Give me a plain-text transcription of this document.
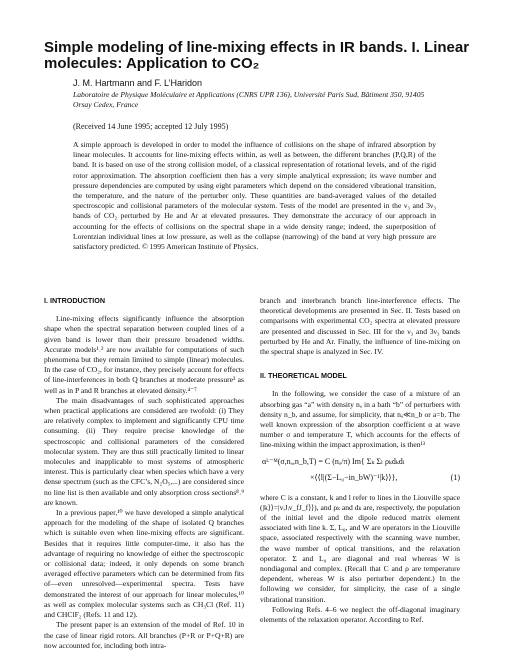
Simple modeling of line-mixing effects in IR bands. I. Linear molecules: Application to CO₂
J. M. Hartmann and F. L’Haridon
Laboratoire de Physique Moléculaire et Applications (CNRS UPR 136), Université Paris Sud, Bâtiment 350, 91405 Orsay Cedex, France
(Received 14 June 1995; accepted 12 July 1995)

A simple approach is developed in order to model the influence of collisions on the shape of infrared absorption by linear molecules. It accounts for line-mixing effects within, as well as between, the different branches (P,Q,R) of the band. It is based on use of the strong collision model, of a classical representation of rotational levels, and of the rigid rotor approximation. The absorption coefficient then has a very simple analytical expression; its wave number and pressure dependencies are computed by using eight parameters which depend on the considered vibrational transition, the temperature, and the nature of the perturber only. These quantities are band-averaged values of the detailed spectroscopic and collisional parameters of the molecular system. Tests of the model are presented in the ν₃ and 3ν₃ bands of CO₂ perturbed by He and Ar at elevated pressures. They demonstrate the accuracy of our approach in accounting for the effects of collisions on the spectral shape in a wide density range; indeed, the superposition of Lorentzian individual lines at low pressure, as well as the collapse (narrowing) of the band at very high pressure are satisfactory predicted. © 1995 American Institute of Physics.

I. INTRODUCTION

Line-mixing effects significantly influence the absorption shape when the spectral separation between coupled lines of a given band is lower than their pressure broadened widths. Accurate models¹˒² are now available for computations of such phenomena but they remain limited to simple (linear) molecules. In the case of CO₂, for instance, they precisely account for effects of line-interferences in both Q branches at moderate pressure³ as well as in P and R branches at elevated density.⁴⁻⁷

The main disadvantages of such sophisticated approaches when practical applications are considered are twofold: (i) They are relatively complex to implement and significantly CPU time consuming. (ii) They require precise knowledge of the spectroscopic and collisional parameters of the considered molecular system. They are thus still practically limited to linear molecules and inapplicable to most systems of atmospheric interest. This is particularly clear when species which have a very dense spectrum (such as the CFC’s, N₂O₅,...) are considered since no line list is then available and only absorption cross sections⁸˒⁹ are known.

In a previous paper,¹⁰ we have developed a simple analytical approach for the modeling of the shape of isolated Q branches which is suitable even when line-mixing effects are significant. Besides that it requires little computer-time, it also has the advantage of requiring no knowledge of either the spectroscopic or collisional data; indeed, it only depends on some branch averaged effective parameters which can be determined from fits of—even unresolved—experimental spectra. Tests have demonstrated the interest of our approach for linear molecules,¹⁰ as well as complex molecular systems such as CH₃Cl (Ref. 11) and CHClF₂ (Refs. 11 and 12).

The present paper is an extension of the model of Ref. 10 in the case of linear rigid rotors. All branches (P+R or P+Q+R) are now accounted for, including both intra-

branch and interbranch branch line-interference effects. The theoretical developments are presented in Sec. II. Tests based on comparisons with experimental CO₂ spectra at elevated pressure are presented and discussed in Sec. III for the ν₃ and 3ν₃ bands perturbed by He and Ar. Finally, the influence of line-mixing on the spectral shape is analyzed in Sec. IV.

II. THEORETICAL MODEL

In the following, we consider the case of a mixture of an absorbing gas “a” with density nₐ in a bath “b” of perturbers with density n_b, and assume, for simplicity, that nₐ≪n_b or a=b. The well known expression of the absorption coefficient α at wave number σ and temperature T, which accounts for the effects of line-mixing within the impact approximation, is then¹³

αᴸ⁻ᴹ(σ,nₐ,n_b,T) = C (nₐ/π) Im{ Σₖ Σₗ ρₖdₖdₗ
×⟨⟨l|(Σ−L₀−in_bW)⁻¹|k⟩⟩},	(1)

where C is a constant, k and l refer to lines in the Liouville space (|k⟩⟩=|vᵢJᵢv_fJ_f⟩⟩), and ρₖ and dₖ are, respectively, the population of the initial level and the dipole reduced matrix element associated with line k. Σ, L₀, and W are operators in the Liouville space, associated respectively with the scanning wave number, the wave number of optical transitions, and the relaxation operator. Σ and L₀ are diagonal and real whereas W is nondiagonal and complex. (Recall that C and ρ are temperature dependent, whereas W is also perturber dependent.) In the following we consider, for simplicity, the case of a single vibrational transition.

Following Refs. 4–6 we neglect the off-diagonal imaginary elements of the relaxation operator. According to Ref.
